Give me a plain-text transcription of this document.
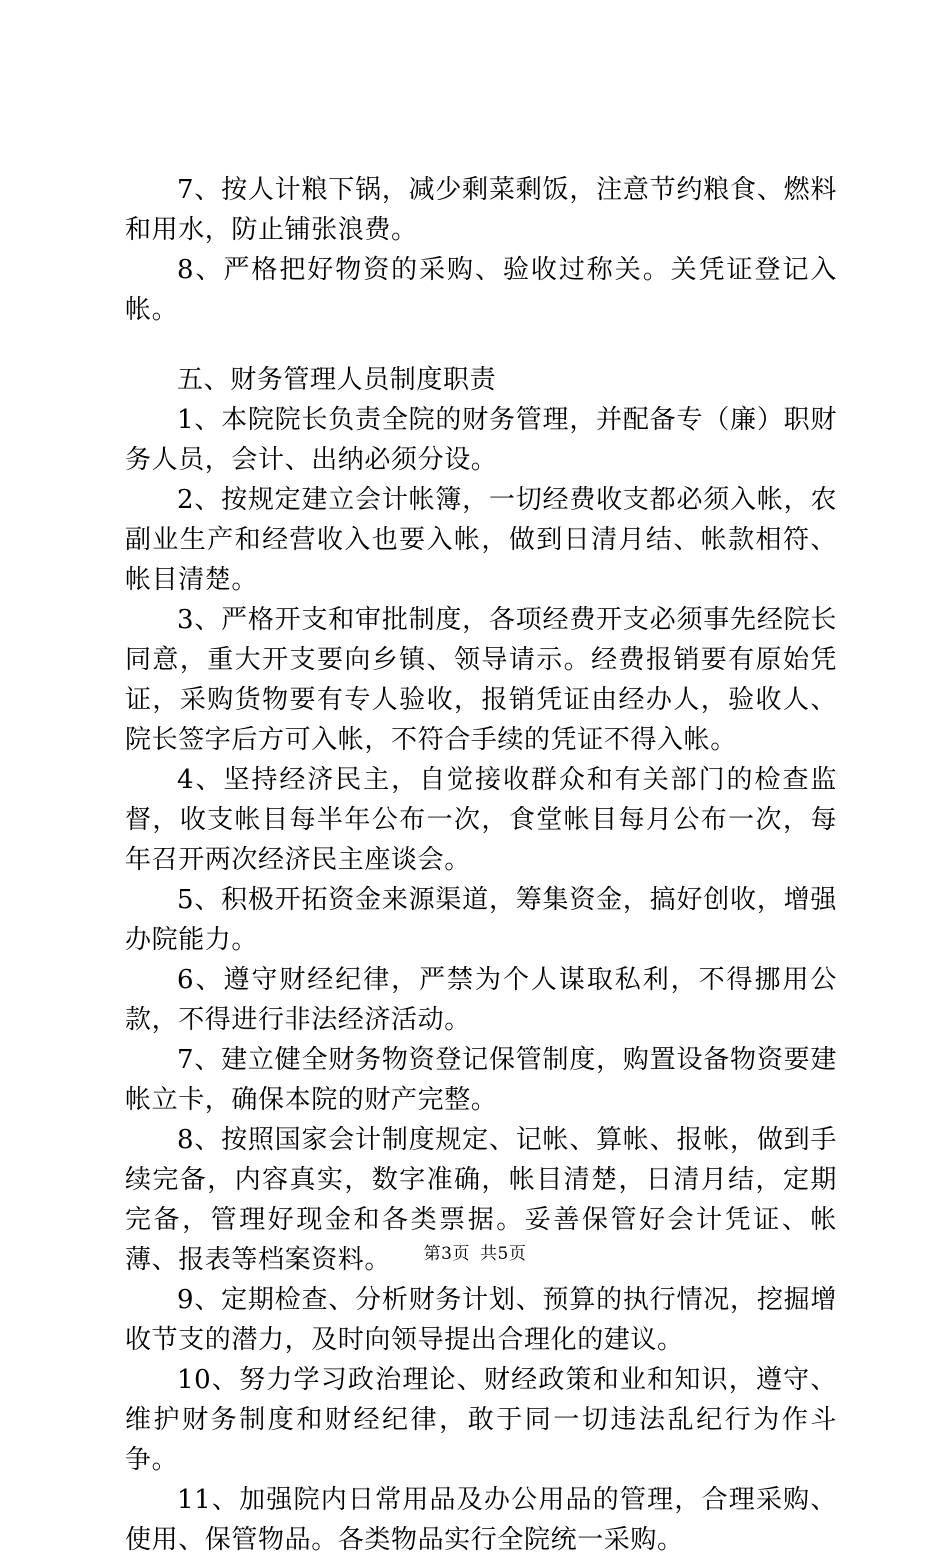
7、按人计粮下锅，减少剩菜剩饭，注意节约粮食、燃料和用水，防止铺张浪费。

8、严格把好物资的采购、验收过称关。关凭证登记入帐。

五、财务管理人员制度职责

1、本院院长负责全院的财务管理，并配备专（廉）职财务人员，会计、出纳必须分设。

2、按规定建立会计帐簿，一切经费收支都必须入帐，农副业生产和经营收入也要入帐，做到日清月结、帐款相符、帐目清楚。

3、严格开支和审批制度，各项经费开支必须事先经院长同意，重大开支要向乡镇、领导请示。经费报销要有原始凭证，采购货物要有专人验收，报销凭证由经办人，验收人、院长签字后方可入帐，不符合手续的凭证不得入帐。

4、坚持经济民主，自觉接收群众和有关部门的检查监督，收支帐目每半年公布一次，食堂帐目每月公布一次，每年召开两次经济民主座谈会。

5、积极开拓资金来源渠道，筹集资金，搞好创收，增强办院能力。

6、遵守财经纪律，严禁为个人谋取私利，不得挪用公款，不得进行非法经济活动。

7、建立健全财务物资登记保管制度，购置设备物资要建帐立卡，确保本院的财产完整。

8、按照国家会计制度规定、记帐、算帐、报帐，做到手续完备，内容真实，数字准确，帐目清楚，日清月结，定期完备，管理好现金和各类票据。妥善保管好会计凭证、帐薄、报表等档案资料。

9、定期检查、分析财务计划、预算的执行情况，挖掘增收节支的潜力，及时向领导提出合理化的建议。

10、努力学习政治理论、财经政策和业和知识，遵守、维护财务制度和财经纪律，敢于同一切违法乱纪行为作斗争。

11、加强院内日常用品及办公用品的管理，合理采购、使用、保管物品。各类物品实行全院统一采购。

第3页 共5页
